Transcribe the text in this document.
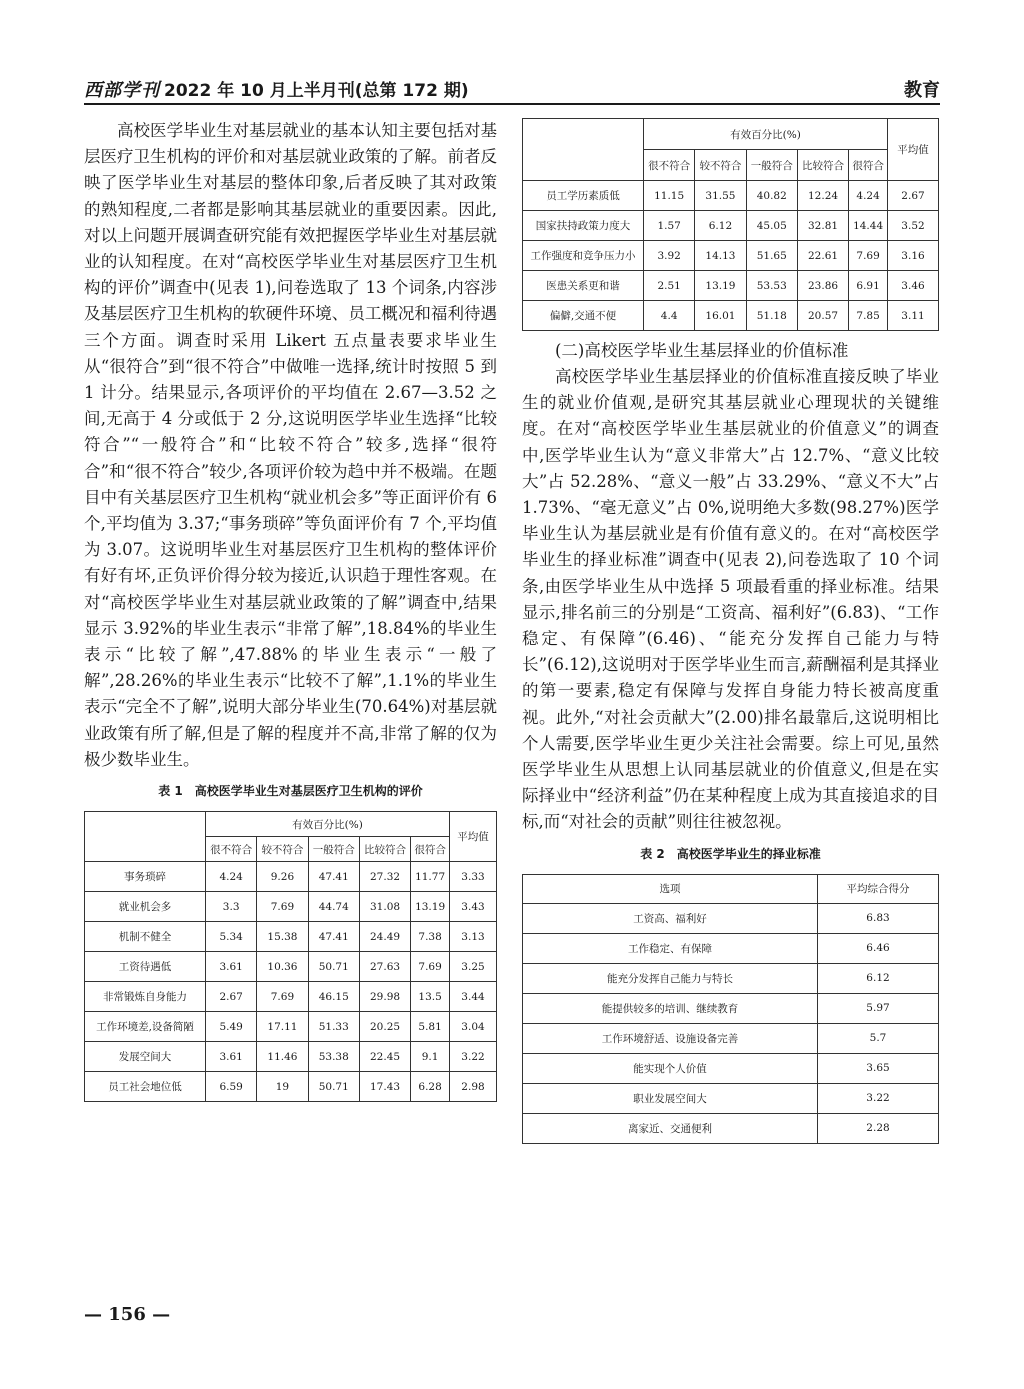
西部学刊 2022 年 10 月上半月刊(总第 172 期)	教育

高校医学毕业生对基层就业的基本认知主要包括对基层医疗卫生机构的评价和对基层就业政策的了解。前者反映了医学毕业生对基层的整体印象,后者反映了其对政策的熟知程度,二者都是影响其基层就业的重要因素。因此,对以上问题开展调查研究能有效把握医学毕业生对基层就业的认知程度。在对“高校医学毕业生对基层医疗卫生机构的评价”调查中(见表 1),问卷选取了 13 个词条,内容涉及基层医疗卫生机构的软硬件环境、员工概况和福利待遇三个方面。调查时采用 Likert 五点量表要求毕业生从“很符合”到“很不符合”中做唯一选择,统计时按照 5 到 1 计分。结果显示,各项评价的平均值在 2.67—3.52 之间,无高于 4 分或低于 2 分,这说明医学毕业生选择“比较符合”“一般符合”和“比较不符合”较多,选择“很符合”和“很不符合”较少,各项评价较为趋中并不极端。在题目中有关基层医疗卫生机构“就业机会多”等正面评价有 6 个,平均值为 3.37;“事务琐碎”等负面评价有 7 个,平均值为 3.07。这说明毕业生对基层医疗卫生机构的整体评价有好有坏,正负评价得分较为接近,认识趋于理性客观。在对“高校医学毕业生对基层就业政策的了解”调查中,结果显示 3.92%的毕业生表示“非常了解”,18.84%的毕业生表示“比较了解”,47.88%的毕业生表示“一般了解”,28.26%的毕业生表示“比较不了解”,1.1%的毕业生表示“完全不了解”,说明大部分毕业生(70.64%)对基层就业政策有所了解,但是了解的程度并不高,非常了解的仅为极少数毕业生。

表 1　高校医学毕业生对基层医疗卫生机构的评价
	有效百分比(%)					平均值
	很不符合	较不符合	一般符合	比较符合	很符合	
事务琐碎	4.24	9.26	47.41	27.32	11.77	3.33
就业机会多	3.3	7.69	44.74	31.08	13.19	3.43
机制不健全	5.34	15.38	47.41	24.49	7.38	3.13
工资待遇低	3.61	10.36	50.71	27.63	7.69	3.25
非常锻炼自身能力	2.67	7.69	46.15	29.98	13.5	3.44
工作环境差,设备简陋	5.49	17.11	51.33	20.25	5.81	3.04
发展空间大	3.61	11.46	53.38	22.45	9.1	3.22
员工社会地位低	6.59	19	50.71	17.43	6.28	2.98
	有效百分比(%)					平均值
	很不符合	较不符合	一般符合	比较符合	很符合	
员工学历素质低	11.15	31.55	40.82	12.24	4.24	2.67
国家扶持政策力度大	1.57	6.12	45.05	32.81	14.44	3.52
工作强度和竞争压力小	3.92	14.13	51.65	22.61	7.69	3.16
医患关系更和谐	2.51	13.19	53.53	23.86	6.91	3.46
偏僻,交通不便	4.4	16.01	51.18	20.57	7.85	3.11

(二)高校医学毕业生基层择业的价值标准

高校医学毕业生基层择业的价值标准直接反映了毕业生的就业价值观,是研究其基层就业心理现状的关键维度。在对“高校医学毕业生基层就业的价值意义”的调查中,医学毕业生认为“意义非常大”占 12.7%、“意义比较大”占 52.28%、“意义一般”占 33.29%、“意义不大”占 1.73%、“毫无意义”占 0%,说明绝大多数(98.27%)医学毕业生认为基层就业是有价值有意义的。在对“高校医学毕业生的择业标准”调查中(见表 2),问卷选取了 10 个词条,由医学毕业生从中选择 5 项最看重的择业标准。结果显示,排名前三的分别是“工资高、福利好”(6.83)、“工作稳定、有保障”(6.46)、“能充分发挥自己能力与特长”(6.12),这说明对于医学毕业生而言,薪酬福利是其择业的第一要素,稳定有保障与发挥自身能力特长被高度重视。此外,“对社会贡献大”(2.00)排名最靠后,这说明相比个人需要,医学毕业生更少关注社会需要。综上可见,虽然医学毕业生从思想上认同基层就业的价值意义,但是在实际择业中“经济利益”仍在某种程度上成为其直接追求的目标,而“对社会的贡献”则往往被忽视。

表 2　高校医学毕业生的择业标准
选项	平均综合得分
工资高、福利好	6.83
工作稳定、有保障	6.46
能充分发挥自己能力与特长	6.12
能提供较多的培训、继续教育	5.97
工作环境舒适、设施设备完善	5.7
能实现个人价值	3.65
职业发展空间大	3.22
离家近、交通便利	2.28
— 156 —
